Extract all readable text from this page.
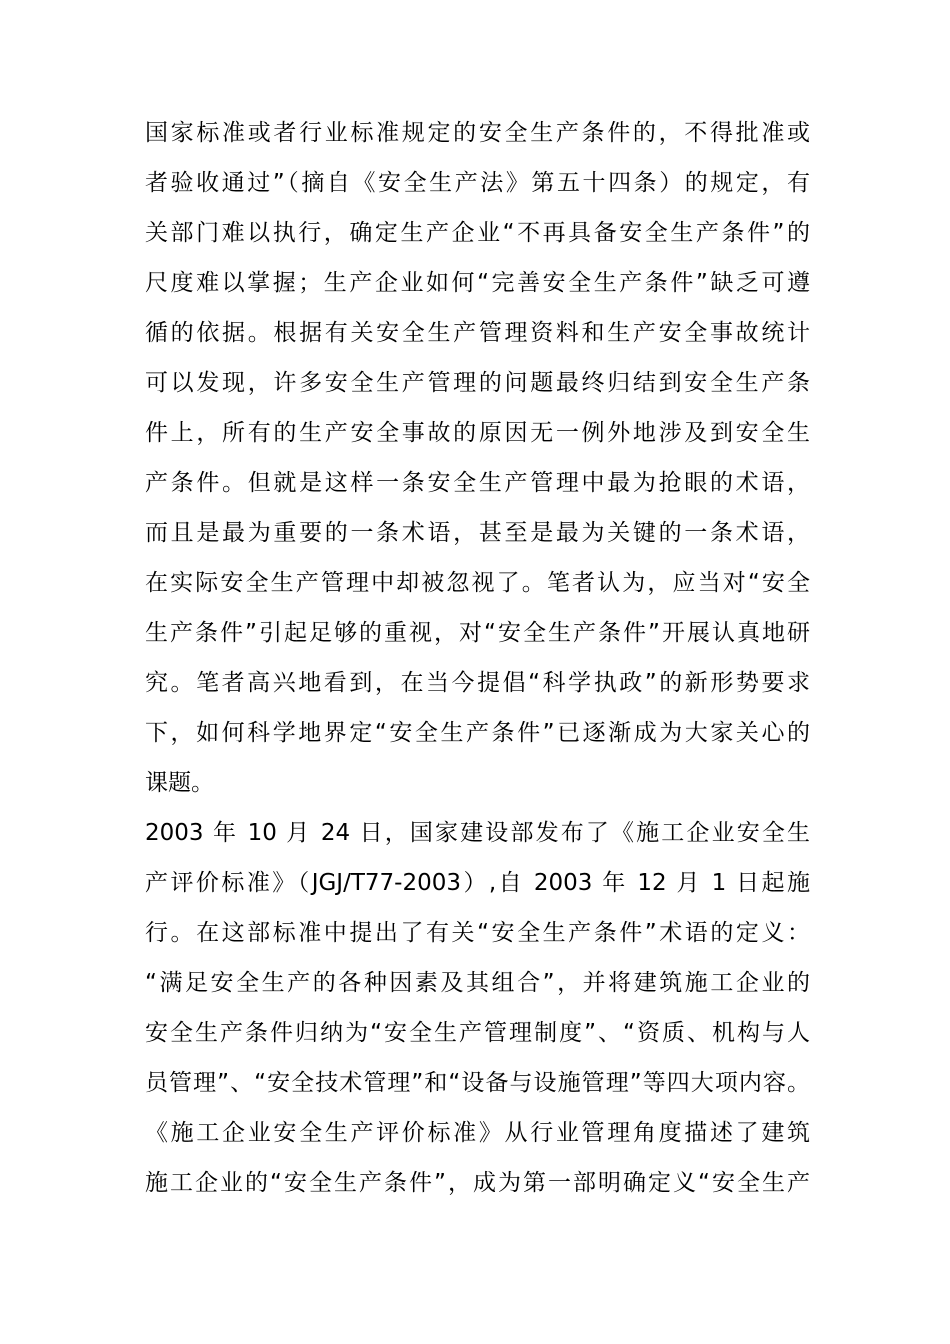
国家标准或者行业标准规定的安全生产条件的，不得批准或
者验收通过”（摘自《安全生产法》第五十四条）的规定，有
关部门难以执行，确定生产企业“不再具备安全生产条件”的
尺度难以掌握；生产企业如何“完善安全生产条件”缺乏可遵
循的依据。根据有关安全生产管理资料和生产安全事故统计
可以发现，许多安全生产管理的问题最终归结到安全生产条
件上，所有的生产安全事故的原因无一例外地涉及到安全生
产条件。但就是这样一条安全生产管理中最为抢眼的术语，
而且是最为重要的一条术语，甚至是最为关键的一条术语，
在实际安全生产管理中却被忽视了。笔者认为，应当对“安全
生产条件”引起足够的重视，对“安全生产条件”开展认真地研
究。笔者高兴地看到，在当今提倡“科学执政”的新形势要求
下，如何科学地界定“安全生产条件”已逐渐成为大家关心的
课题。
2003 年 10 月 24 日，国家建设部发布了《施工企业安全生
产评价标准》（JGJ/T77-2003）,自 2003 年 12 月 1 日起施
行。在这部标准中提出了有关“安全生产条件”术语的定义：
“满足安全生产的各种因素及其组合”，并将建筑施工企业的
安全生产条件归纳为“安全生产管理制度”、“资质、机构与人
员管理”、“安全技术管理”和“设备与设施管理”等四大项内容。
《施工企业安全生产评价标准》从行业管理角度描述了建筑
施工企业的“安全生产条件”，成为第一部明确定义“安全生产
